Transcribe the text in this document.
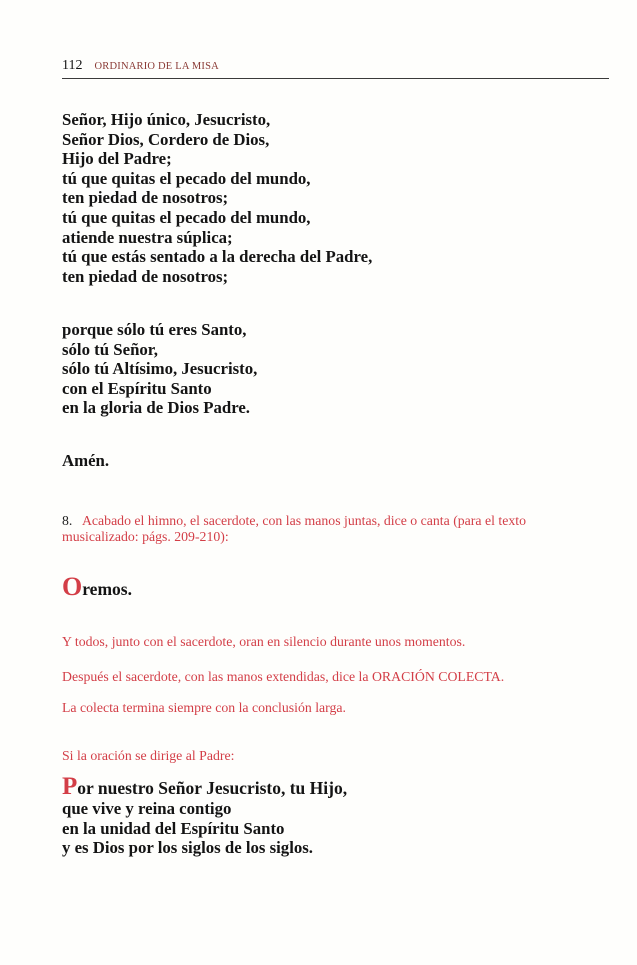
112 ORDINARIO DE LA MISA
Señor, Hijo único, Jesucristo,
Señor Dios, Cordero de Dios,
Hijo del Padre;
tú que quitas el pecado del mundo,
ten piedad de nosotros;
tú que quitas el pecado del mundo,
atiende nuestra súplica;
tú que estás sentado a la derecha del Padre,
ten piedad de nosotros;
porque sólo tú eres Santo,
sólo tú Señor,
sólo tú Altísimo, Jesucristo,
con el Espíritu Santo
en la gloria de Dios Padre.
Amén.
8. Acabado el himno, el sacerdote, con las manos juntas, dice o canta (para el texto
musicalizado: págs. 209-210):
Oremos.
Y todos, junto con el sacerdote, oran en silencio durante unos momentos.
Después el sacerdote, con las manos extendidas, dice la ORACIÓN COLECTA.
La colecta termina siempre con la conclusión larga.
Si la oración se dirige al Padre:
Por nuestro Señor Jesucristo, tu Hijo,
que vive y reina contigo
en la unidad del Espíritu Santo
y es Dios por los siglos de los siglos.
